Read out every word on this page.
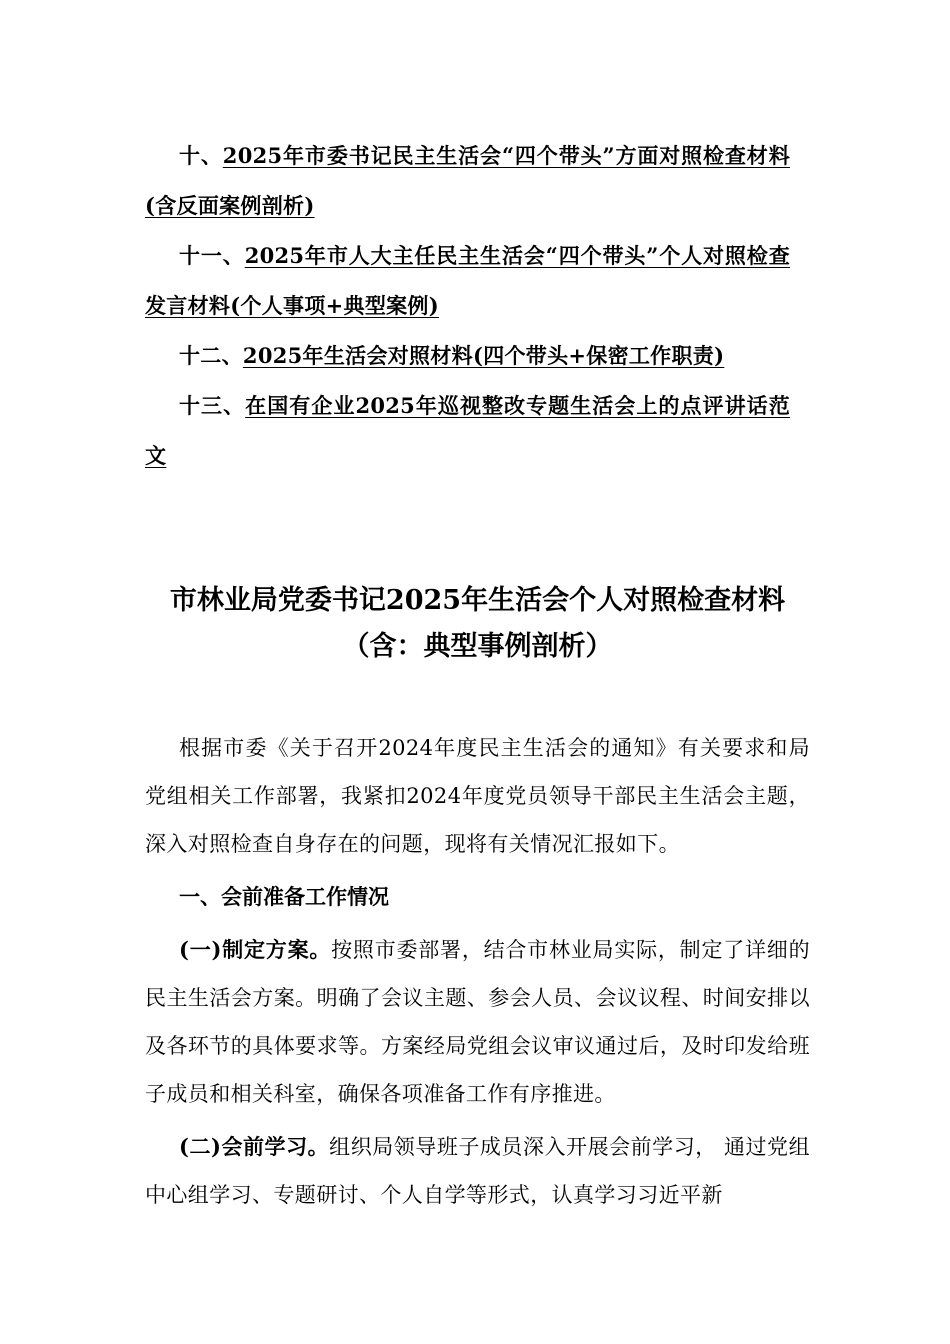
十、2025年市委书记民主生活会“四个带头”方面对照检查材料(含反面案例剖析)

十一、2025年市人大主任民主生活会“四个带头”个人对照检查发言材料(个人事项+典型案例)

十二、2025年生活会对照材料(四个带头+保密工作职责)

十三、在国有企业2025年巡视整改专题生活会上的点评讲话范文

市林业局党委书记2025年生活会个人对照检查材料
（含：典型事例剖析）

根据市委《关于召开2024年度民主生活会的通知》有关要求和局党组相关工作部署，我紧扣2024年度党员领导干部民主生活会主题，深入对照检查自身存在的问题，现将有关情况汇报如下。

一、会前准备工作情况

(一)制定方案。按照市委部署，结合市林业局实际，制定了详细的民主生活会方案。明确了会议主题、参会人员、会议议程、时间安排以及各环节的具体要求等。方案经局党组会议审议通过后，及时印发给班子成员和相关科室，确保各项准备工作有序推进。

(二)会前学习。组织局领导班子成员深入开展会前学习， 通过党组中心组学习、专题研讨、个人自学等形式，认真学习习近平新
